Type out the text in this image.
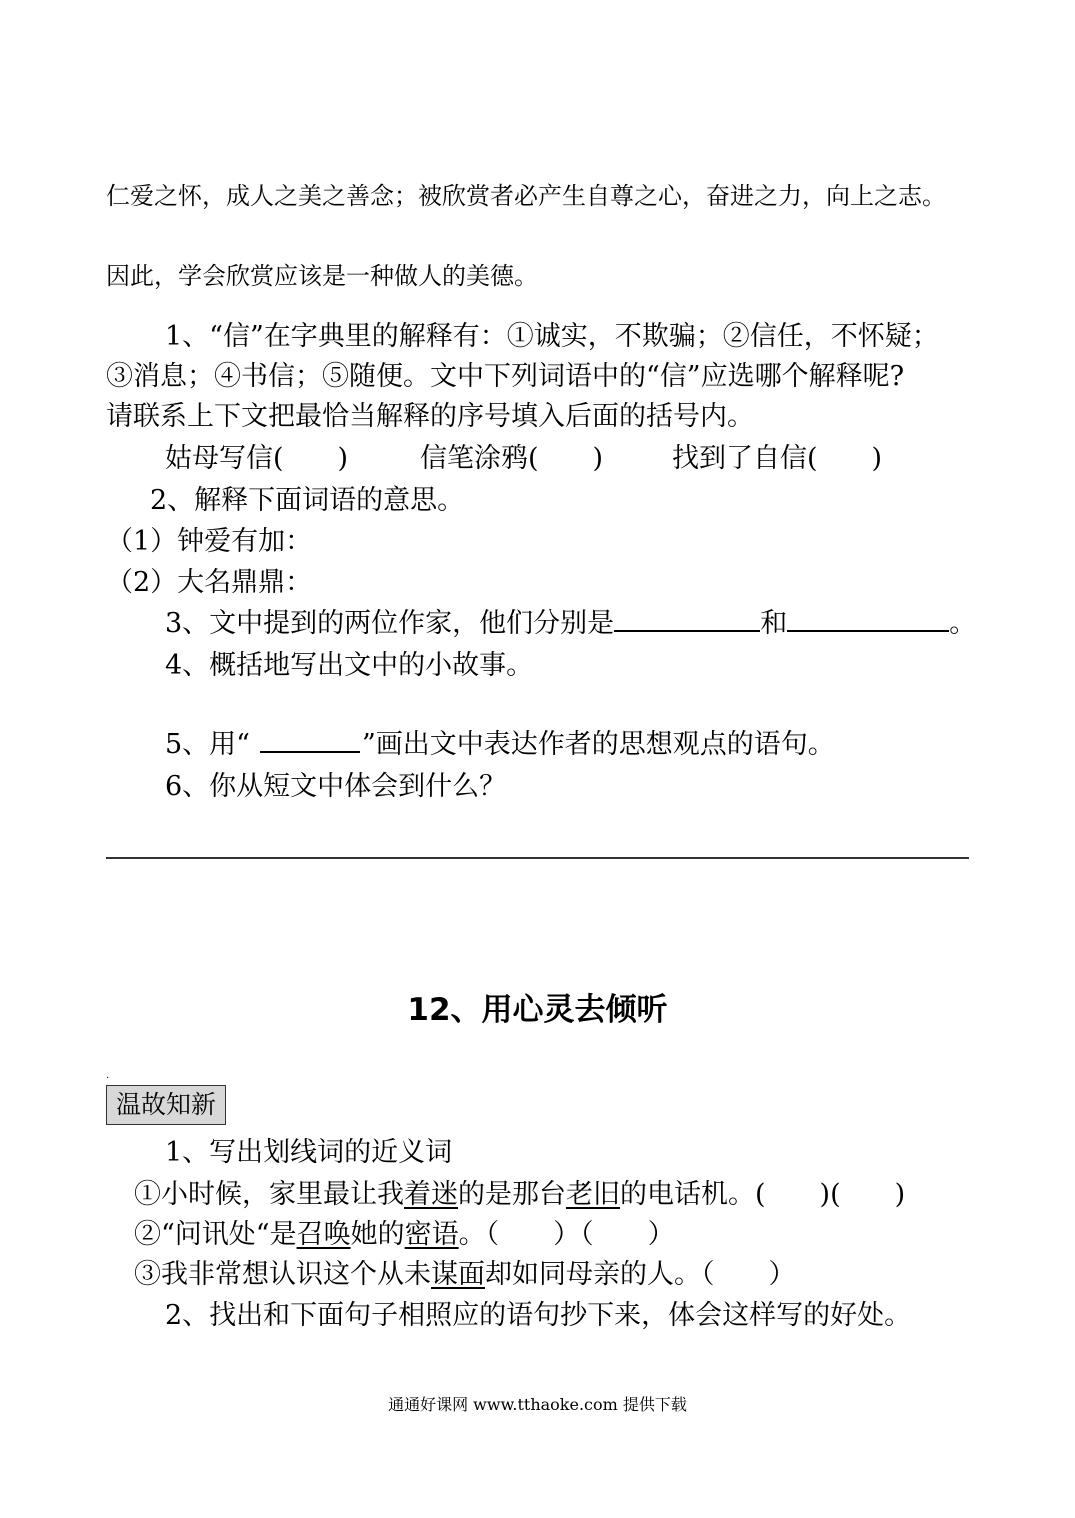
仁爱之怀，成人之美之善念；被欣赏者必产生自尊之心，奋进之力，向上之志。
因此，学会欣赏应该是一种做人的美德。
1、“信”在字典里的解释有：①诚实，不欺骗；②信任，不怀疑；
③消息；④书信；⑤随便。文中下列词语中的“信”应选哪个解释呢?
请联系上下文把最恰当解释的序号填入后面的括号内。
姑母写信(　　)	信笔涂鸦(　　)	找到了自信(　　)
2、解释下面词语的意思。
（1）钟爱有加：
（2）大名鼎鼎：
3、文中提到的两位作家，他们分别是	和	。
4、概括地写出文中的小故事。
5、用“	”画出文中表达作者的思想观点的语句。
6、你从短文中体会到什么？
12、用心灵去倾听
.
温故知新
1、写出划线词的近义词
①小时候，家里最让我着迷的是那台老旧的电话机。(　　)(　　)
②“问讯处“是召唤她的密语。（　　）（　　）
③我非常想认识这个从未谋面却如同母亲的人。（　　）
2、找出和下面句子相照应的语句抄下来，体会这样写的好处。
通通好课网 www.tthaoke.com 提供下载
